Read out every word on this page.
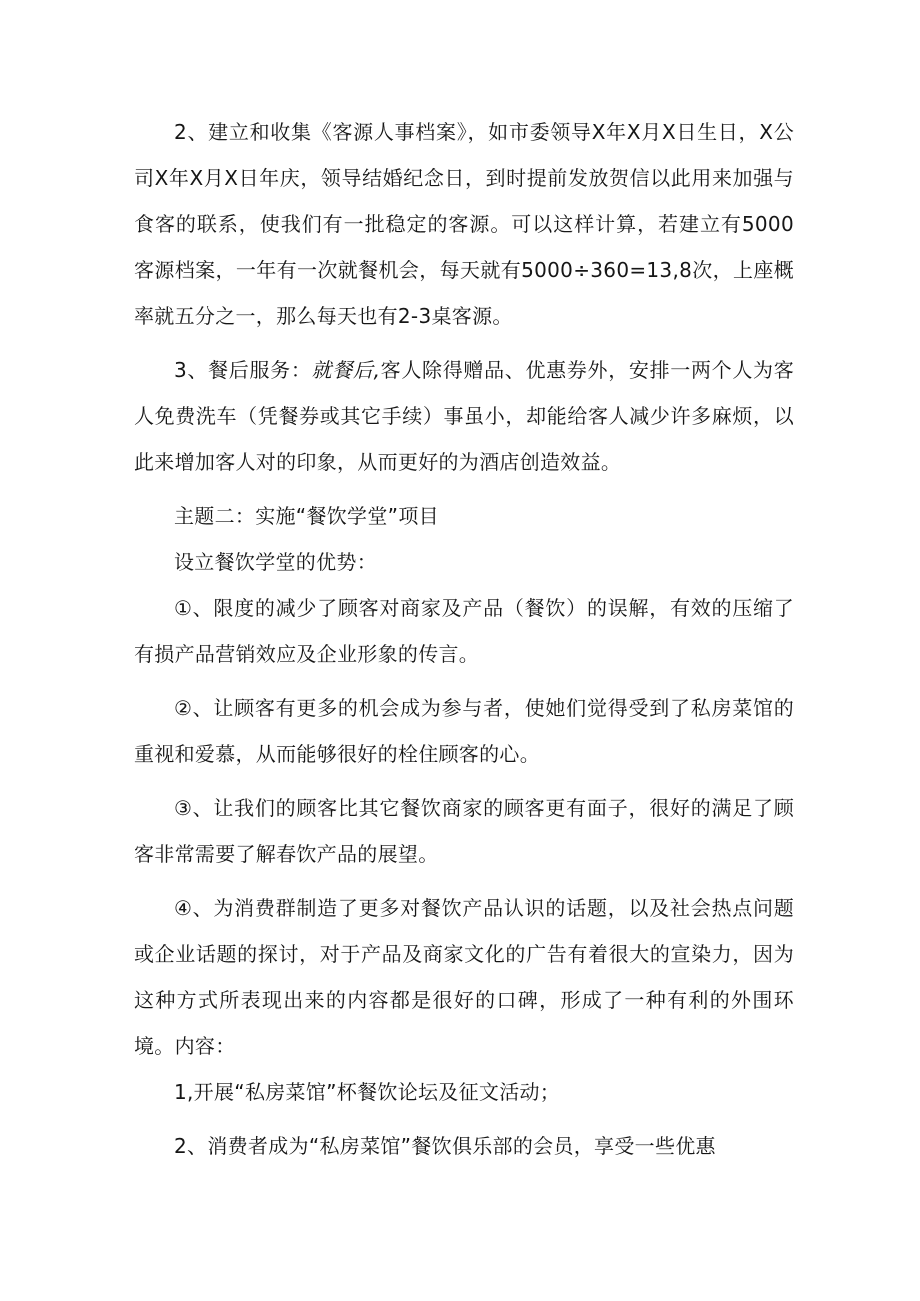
2、建立和收集《客源人事档案》，如市委领导X年X月X日生日，X公司X年X月X日年庆，领导结婚纪念日，到时提前发放贺信以此用来加强与食客的联系，使我们有一批稳定的客源。可以这样计算，若建立有5000客源档案，一年有一次就餐机会，每天就有5000÷360=13,8次，上座概率就五分之一，那么每天也有2-3桌客源。

3、餐后服务：就餐后,客人除得赠品、优惠券外，安排一两个人为客人免费洗车（凭餐券或其它手续）事虽小，却能给客人减少许多麻烦，以此来增加客人对的印象，从而更好的为酒店创造效益。

主题二：实施“餐饮学堂”项目

设立餐饮学堂的优势：

①、限度的减少了顾客对商家及产品（餐饮）的误解，有效的压缩了有损产品营销效应及企业形象的传言。

②、让顾客有更多的机会成为参与者，使她们觉得受到了私房菜馆的重视和爱慕，从而能够很好的栓住顾客的心。

③、让我们的顾客比其它餐饮商家的顾客更有面子，很好的满足了顾客非常需要了解春饮产品的展望。

④、为消费群制造了更多对餐饮产品认识的话题，以及社会热点问题或企业话题的探讨，对于产品及商家文化的广告有着很大的宣染力，因为这种方式所表现出来的内容都是很好的口碑，形成了一种有利的外围环境。内容：

1,开展“私房菜馆”杯餐饮论坛及征文活动；

2、消费者成为“私房菜馆”餐饮俱乐部的会员，享受一些优惠
